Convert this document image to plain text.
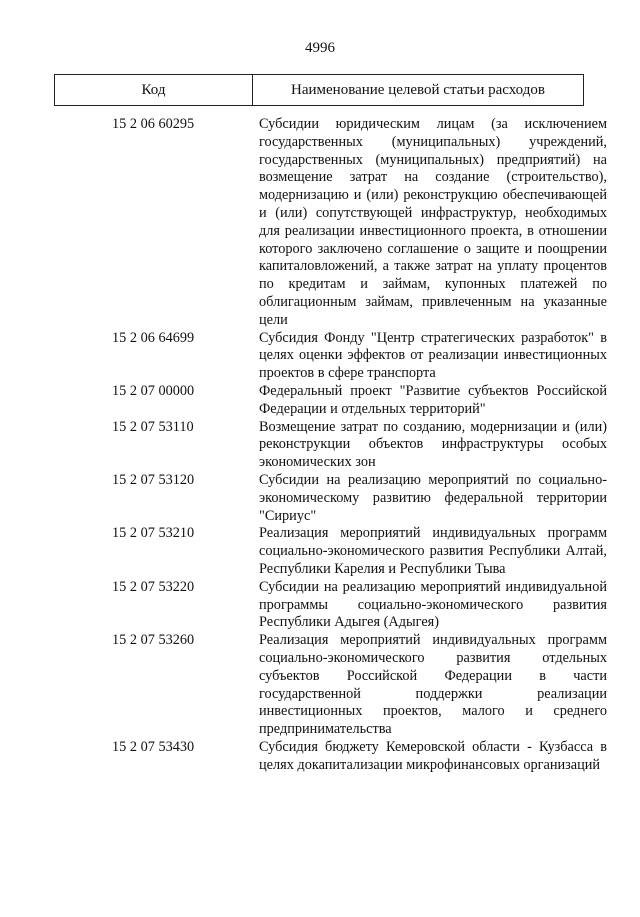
4996
Код	Наименование целевой статьи расходов
15 2 06 60295	Субсидии юридическим лицам (за исключением государственных (муниципальных) учреждений, государственных (муниципальных) предприятий) на возмещение затрат на создание (строительство), модернизацию и (или) реконструкцию обеспечивающей и (или) сопутствующей инфраструктур, необходимых для реализации инвестиционного проекта, в отношении которого заключено соглашение о защите и поощрении капиталовложений, а также затрат на уплату процентов по кредитам и займам, купонных платежей по облигационным займам, привлеченным на указанные цели
15 2 06 64699	Субсидия Фонду "Центр стратегических разработок" в целях оценки эффектов от реализации инвестиционных проектов в сфере транспорта
15 2 07 00000	Федеральный проект "Развитие субъектов Российской Федерации и отдельных территорий"
15 2 07 53110	Возмещение затрат по созданию, модернизации и (или) реконструкции объектов инфраструктуры особых экономических зон
15 2 07 53120	Субсидии на реализацию мероприятий по социально-экономическому развитию федеральной территории "Сириус"
15 2 07 53210	Реализация мероприятий индивидуальных программ социально-экономического развития Республики Алтай, Республики Карелия и Республики Тыва
15 2 07 53220	Субсидии на реализацию мероприятий индивидуальной программы социально-экономического развития Республики Адыгея (Адыгея)
15 2 07 53260	Реализация мероприятий индивидуальных программ социально-экономического развития отдельных субъектов Российской Федерации в части государственной поддержки реализации инвестиционных проектов, малого и среднего предпринимательства
15 2 07 53430	Субсидия бюджету Кемеровской области - Кузбасса в целях докапитализации микрофинансовых организаций
